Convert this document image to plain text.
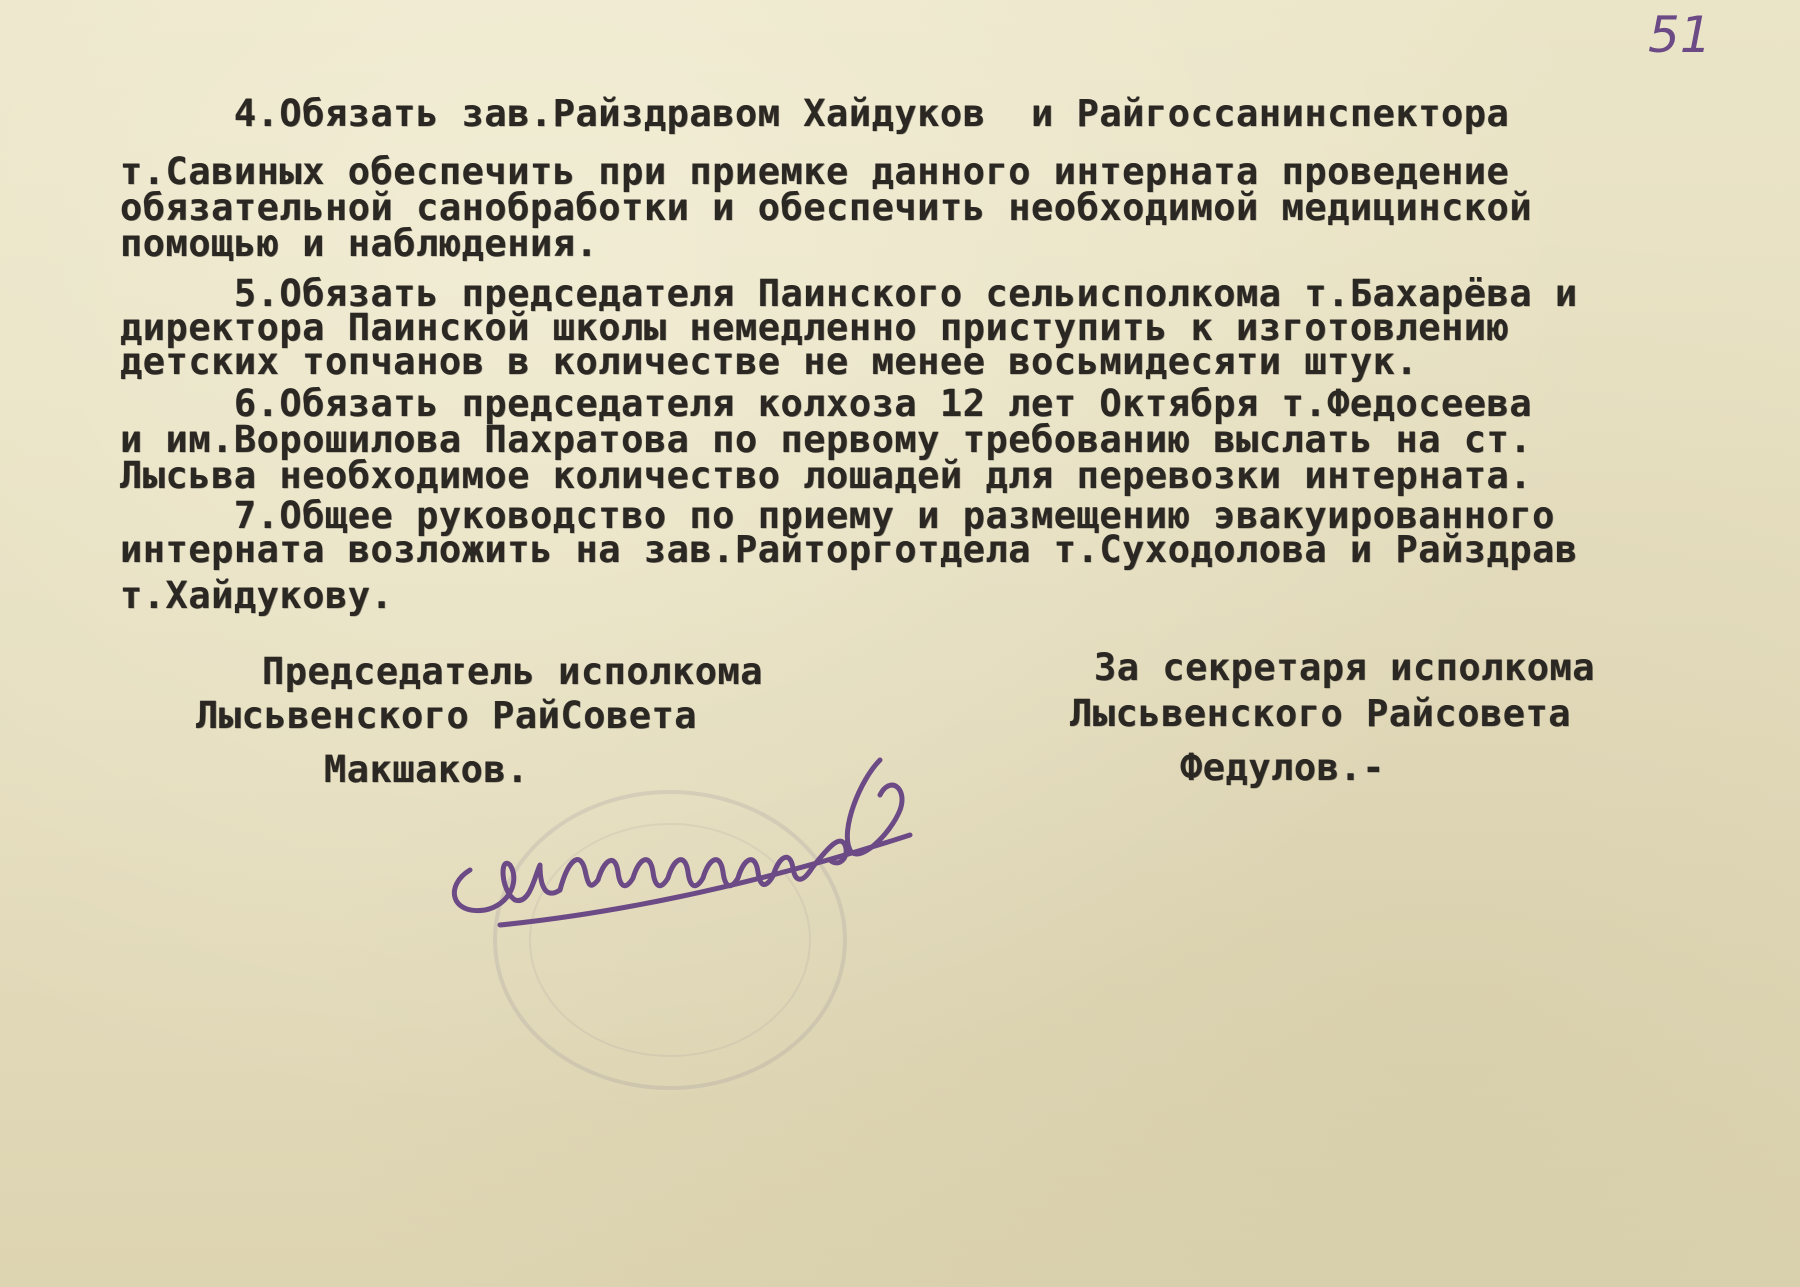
51
4.Обязать зав.Райздравом Хайдуков  и Райгоссанинспектора
т.Савиных обеспечить при приемке данного интерната проведение
обязательной санобработки и обеспечить необходимой медицинской
помощью и наблюдения.
5.Обязать председателя Паинского сельисполкома т.Бахарёва и
директора Паинской школы немедленно приступить к изготовлению
детских топчанов в количестве не менее восьмидесяти штук.
6.Обязать председателя колхоза 12 лет Октября т.Федосеева
и им.Ворошилова Пахратова по первому требованию выслать на ст.
Лысьва необходимое количество лошадей для перевозки интерната.
7.Общее руководство по приему и размещению эвакуированного
интерната возложить на зав.Райторготдела т.Суходолова и Райздрав
т.Хайдукову.
Председатель исполкома
Лысьвенского РайСовета
Макшаков.
За секретаря исполкома
Лысьвенского Райсовета
Федулов.-
